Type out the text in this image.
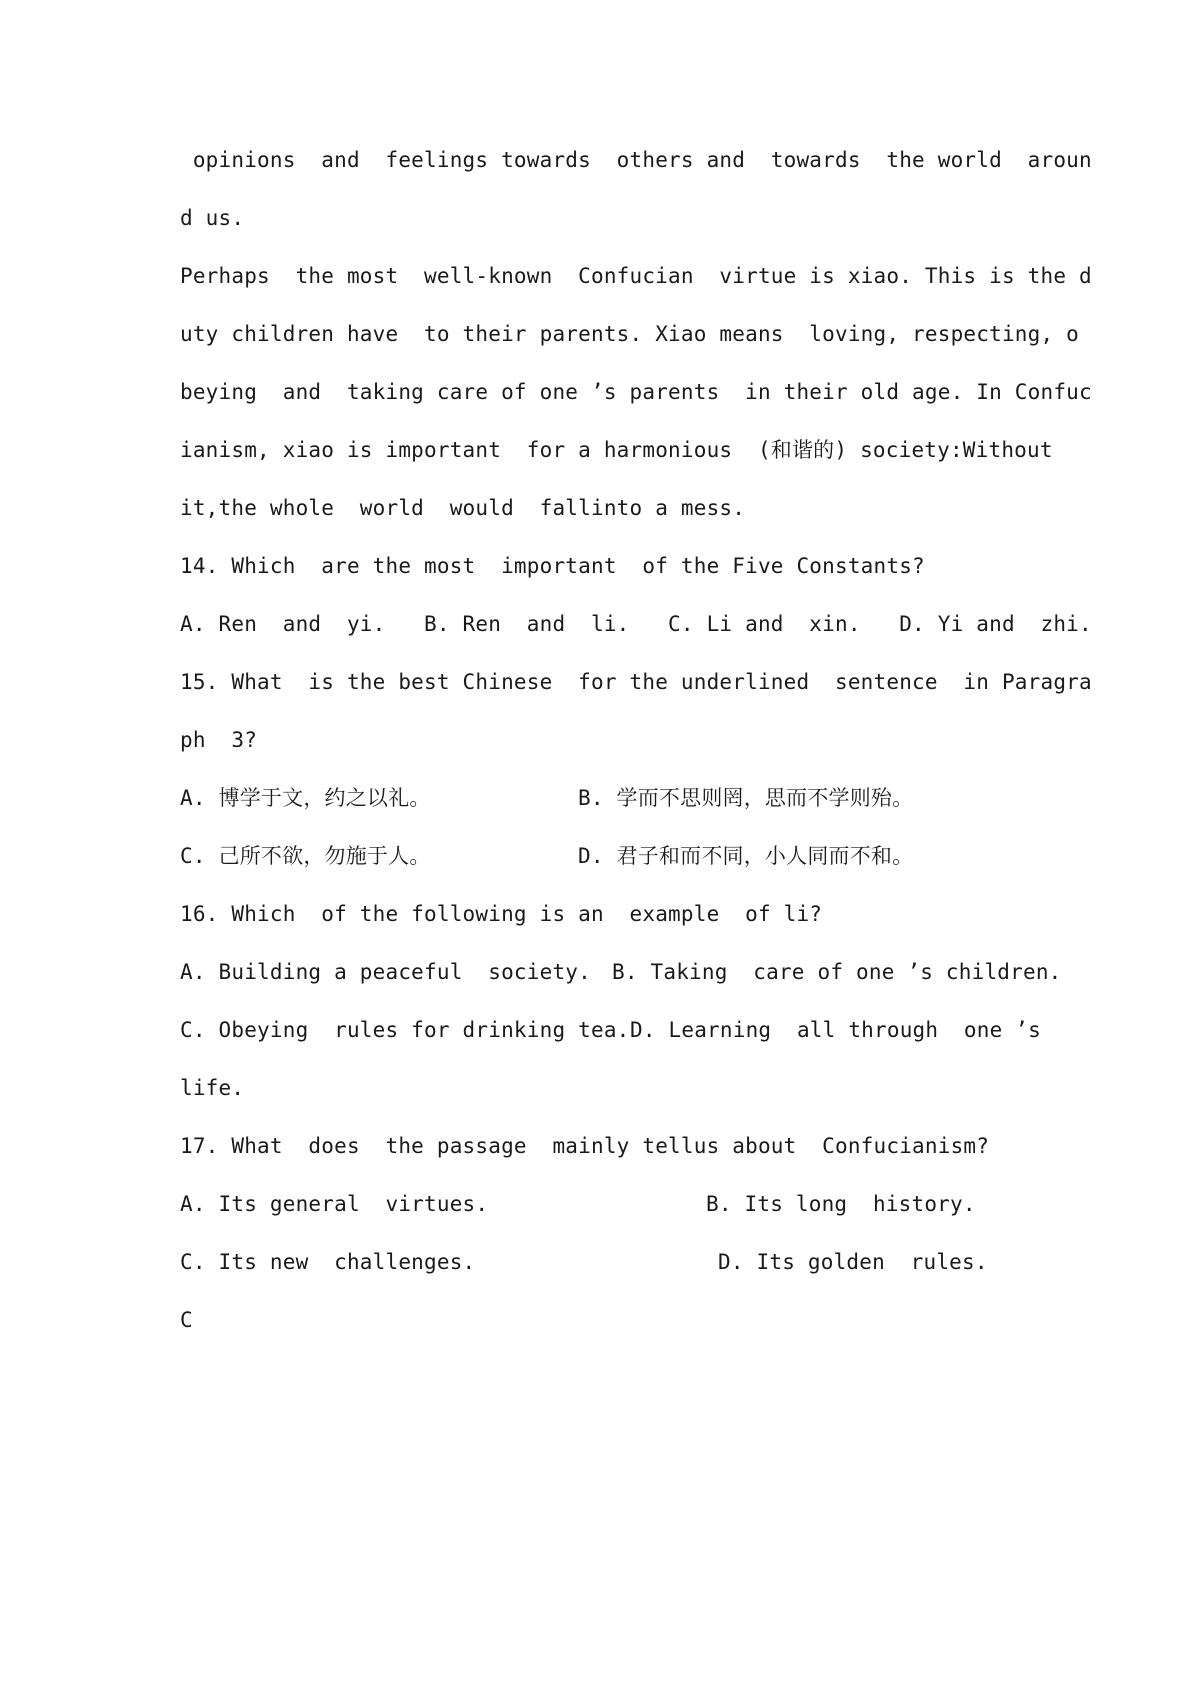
opinions  and  feelings towards  others and  towards  the world  aroun
d us.
Perhaps  the most  well-known  Confucian  virtue is xiao. This is the d
uty children have  to their parents. Xiao means  loving, respecting, o
beying  and  taking care of one ’s parents  in their old age. In Confuc
ianism, xiao is important  for a harmonious  (和谐的) society:Without
it,the whole  world  would  fallinto a mess.
14. Which  are the most  important  of the Five Constants?
A. Ren  and  yi.   B. Ren  and  li.   C. Li and  xin.   D. Yi and  zhi.
15. What  is the best Chinese  for the underlined  sentence  in Paragra
ph  3?
A. 博学于文，约之以礼。	B. 学而不思则罔，思而不学则殆。
C. 己所不欲，勿施于人。	D. 君子和而不同，小人同而不和。
16. Which  of the following is an  example  of li?
A. Building a peaceful  society. B. Taking  care of one ’s children.
C. Obeying  rules for drinking tea. D. Learning  all through  one ’s
life.
17. What  does  the passage  mainly tellus about  Confucianism?
A. Its general  virtues.	B. Its long  history.
C. Its new  challenges.	D. Its golden  rules.
C
